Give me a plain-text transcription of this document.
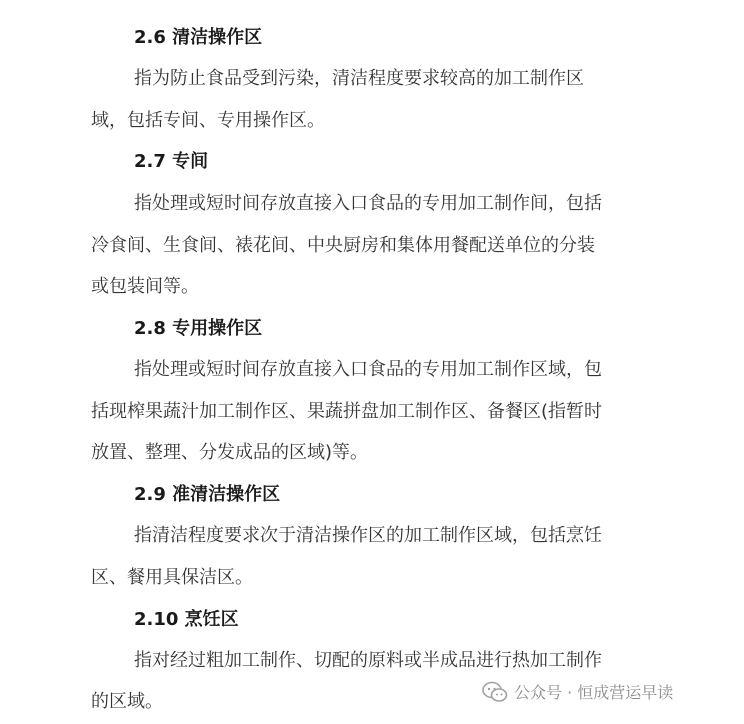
2.6 清洁操作区
指为防止食品受到污染，清洁程度要求较高的加工制作区
域，包括专间、专用操作区。
2.7 专间
指处理或短时间存放直接入口食品的专用加工制作间，包括
冷食间、生食间、裱花间、中央厨房和集体用餐配送单位的分装
或包装间等。
2.8 专用操作区
指处理或短时间存放直接入口食品的专用加工制作区域，包
括现榨果蔬汁加工制作区、果蔬拼盘加工制作区、备餐区(指暂时
放置、整理、分发成品的区域)等。
2.9 准清洁操作区
指清洁程度要求次于清洁操作区的加工制作区域，包括烹饪
区、餐用具保洁区。
2.10 烹饪区
指对经过粗加工制作、切配的原料或半成品进行热加工制作
的区域。	公众号 · 恒成营运早读
